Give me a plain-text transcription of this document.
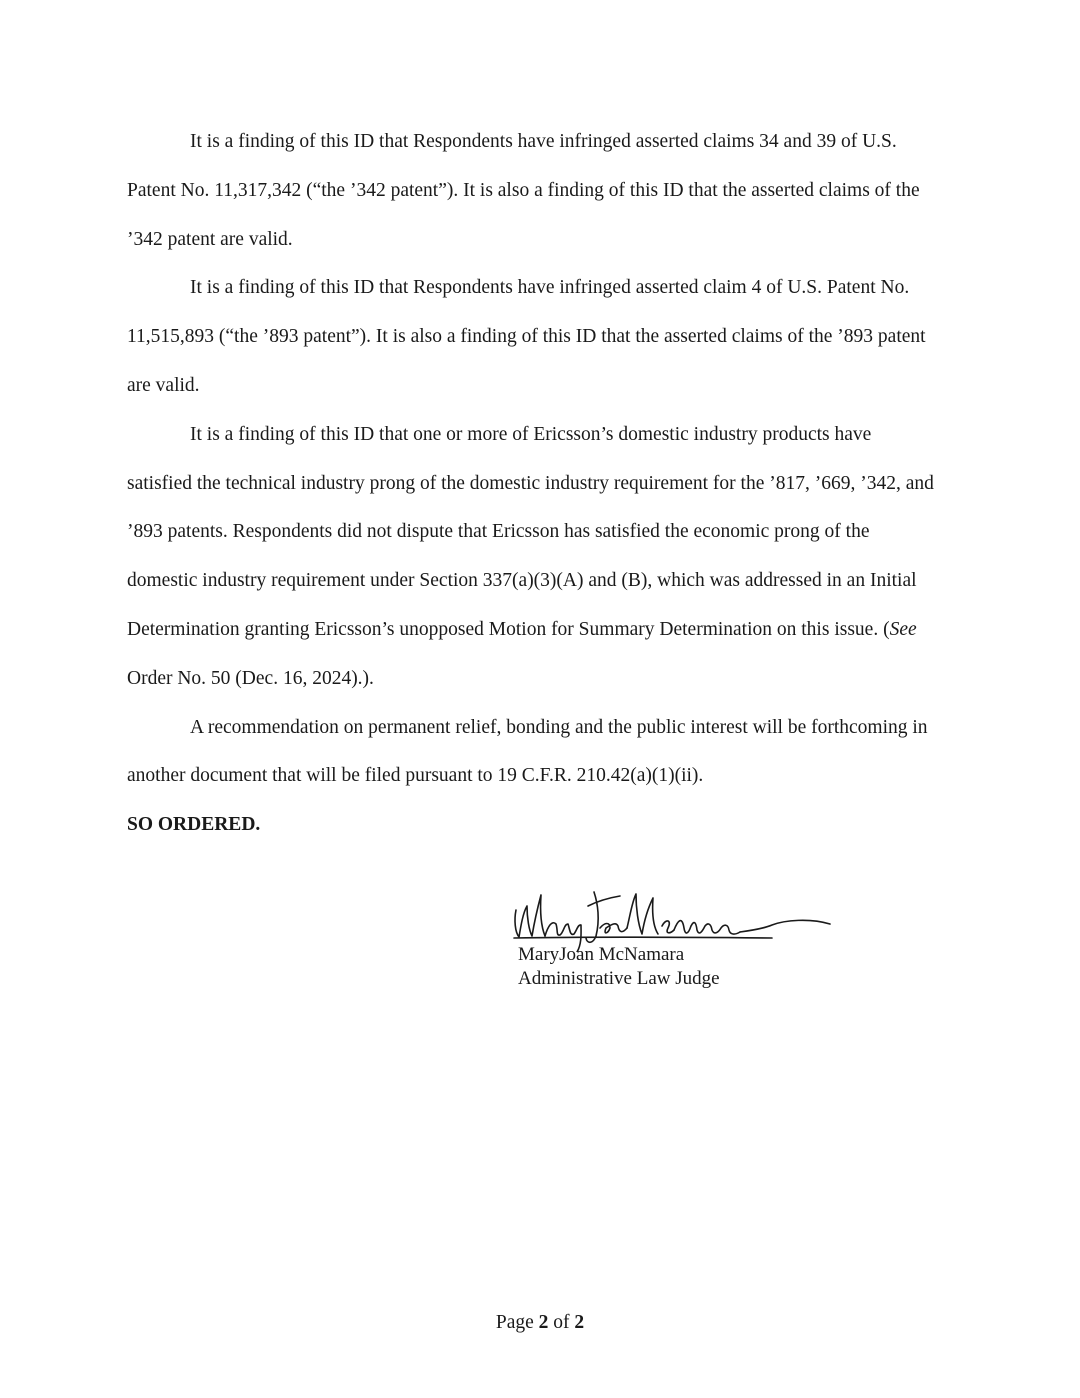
It is a finding of this ID that Respondents have infringed asserted claims 34 and 39 of U.S. Patent No. 11,317,342 (“the ’342 patent”). It is also a finding of this ID that the asserted claims of the ’342 patent are valid.

It is a finding of this ID that Respondents have infringed asserted claim 4 of U.S. Patent No. 11,515,893 (“the ’893 patent”). It is also a finding of this ID that the asserted claims of the ’893 patent are valid.

It is a finding of this ID that one or more of Ericsson’s domestic industry products have satisfied the technical industry prong of the domestic industry requirement for the ’817, ’669, ’342, and ’893 patents. Respondents did not dispute that Ericsson has satisfied the economic prong of the domestic industry requirement under Section 337(a)(3)(A) and (B), which was addressed in an Initial Determination granting Ericsson’s unopposed Motion for Summary Determination on this issue. (See Order No. 50 (Dec. 16, 2024).).

A recommendation on permanent relief, bonding and the public interest will be forthcoming in another document that will be filed pursuant to 19 C.F.R. 210.42(a)(1)(ii).

SO ORDERED.

MaryJoan McNamara
Administrative Law Judge
Page 2 of 2
